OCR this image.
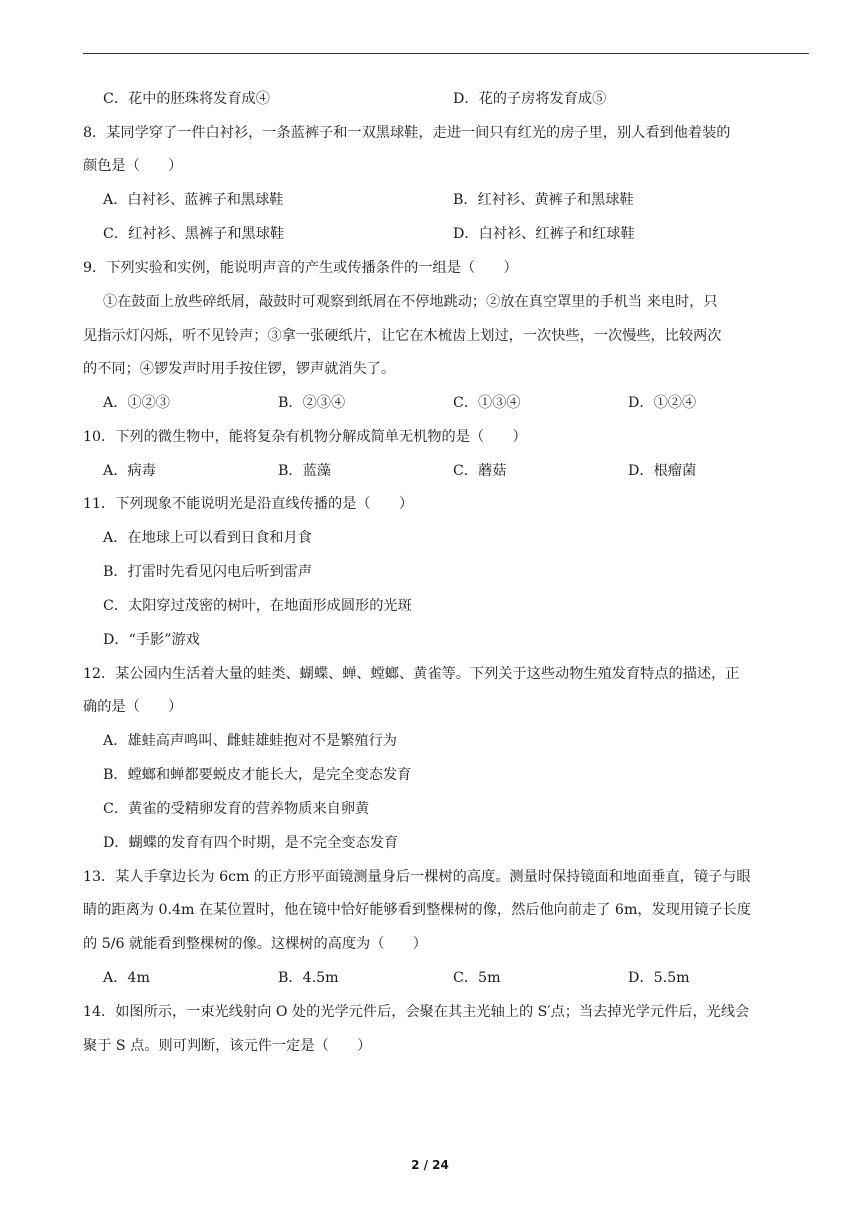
C．花中的胚珠将发育成④	D．花的子房将发育成⑤
8．某同学穿了一件白衬衫，一条蓝裤子和一双黑球鞋，走进一间只有红光的房子里，别人看到他着装的
颜色是（　　）
A．白衬衫、蓝裤子和黑球鞋	B．红衬衫、黄裤子和黑球鞋
C．红衬衫、黑裤子和黑球鞋	D．白衬衫、红裤子和红球鞋
9．下列实验和实例，能说明声音的产生或传播条件的一组是（　　）
①在鼓面上放些碎纸屑，敲鼓时可观察到纸屑在不停地跳动；②放在真空罩里的手机当 来电时，只
见指示灯闪烁，听不见铃声；③拿一张硬纸片，让它在木梳齿上划过，一次快些，一次慢些，比较两次
的不同；④锣发声时用手按住锣，锣声就消失了。
A．①②③	B．②③④	C．①③④	D．①②④
10．下列的微生物中，能将复杂有机物分解成简单无机物的是（　　）
A．病毒	B．蓝藻	C．蘑菇	D．根瘤菌
11．下列现象不能说明光是沿直线传播的是（　　）
A．在地球上可以看到日食和月食
B．打雷时先看见闪电后听到雷声
C．太阳穿过茂密的树叶，在地面形成圆形的光斑
D．“手影”游戏
12．某公园内生活着大量的蛙类、蝴蝶、蝉、螳螂、黄雀等。下列关于这些动物生殖发育特点的描述，正
确的是（　　）
A．雄蛙高声鸣叫、雌蛙雄蛙抱对不是繁殖行为
B．螳螂和蝉都要蜕皮才能长大，是完全变态发育
C．黄雀的受精卵发育的营养物质来自卵黄
D．蝴蝶的发育有四个时期，是不完全变态发育
13．某人手拿边长为 6cm 的正方形平面镜测量身后一棵树的高度。测量时保持镜面和地面垂直，镜子与眼
睛的距离为 0.4m 在某位置时，他在镜中恰好能够看到整棵树的像，然后他向前走了 6m，发现用镜子长度
的 5/6 就能看到整棵树的像。这棵树的高度为（　　）
A．4m	B．4.5m	C．5m	D．5.5m
14．如图所示，一束光线射向 O 处的光学元件后，会聚在其主光轴上的 S′点；当去掉光学元件后，光线会
聚于 S 点。则可判断，该元件一定是（　　）
2 / 24
